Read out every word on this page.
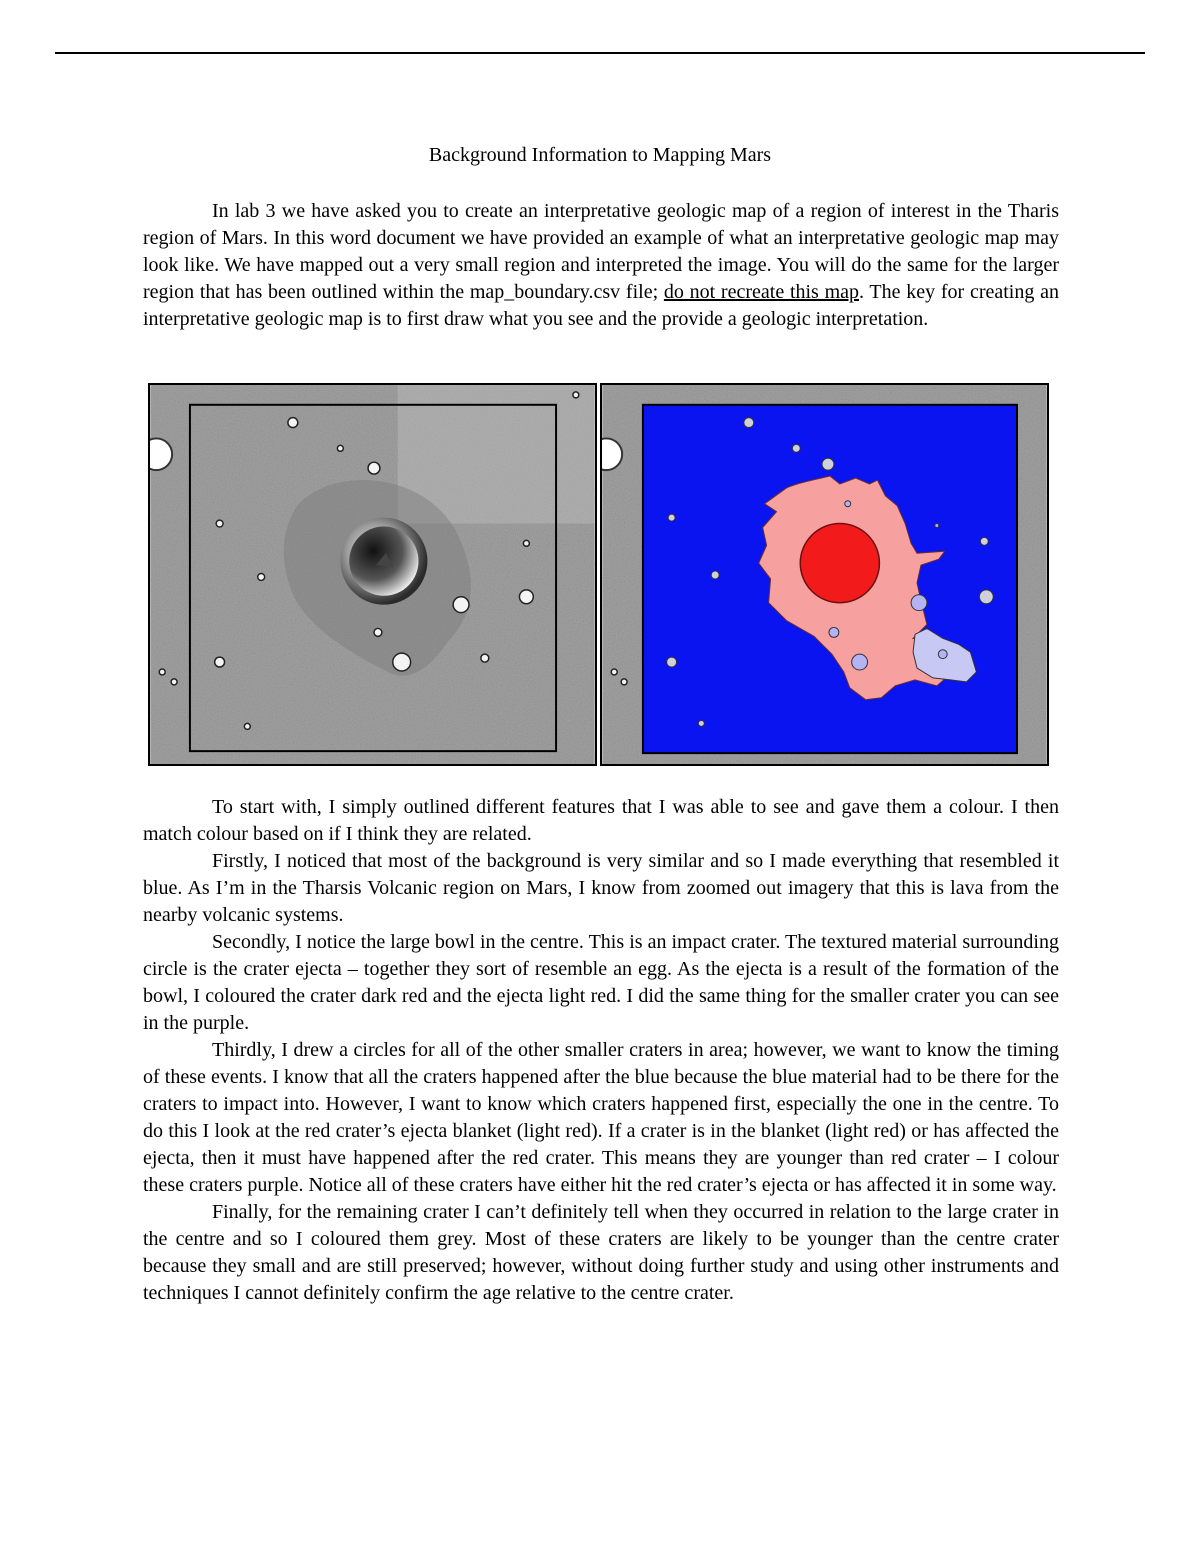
Background Information to Mapping Mars

In lab 3 we have asked you to create an interpretative geologic map of a region of interest in the Tharis region of Mars. In this word document we have provided an example of what an interpretative geologic map may look like. We have mapped out a very small region and interpreted the image. You will do the same for the larger region that has been outlined within the map_boundary.csv file; do not recreate this map. The key for creating an interpretative geologic map is to first draw what you see and the provide a geologic interpretation.

To start with, I simply outlined different features that I was able to see and gave them a colour. I then match colour based on if I think they are related.

Firstly, I noticed that most of the background is very similar and so I made everything that resembled it blue. As I’m in the Tharsis Volcanic region on Mars, I know from zoomed out imagery that this is lava from the nearby volcanic systems.

Secondly, I notice the large bowl in the centre. This is an impact crater. The textured material surrounding circle is the crater ejecta – together they sort of resemble an egg. As the ejecta is a result of the formation of the bowl, I coloured the crater dark red and the ejecta light red. I did the same thing for the smaller crater you can see in the purple.

Thirdly, I drew a circles for all of the other smaller craters in area; however, we want to know the timing of these events. I know that all the craters happened after the blue because the blue material had to be there for the craters to impact into. However, I want to know which craters happened first, especially the one in the centre. To do this I look at the red crater’s ejecta blanket (light red). If a crater is in the blanket (light red) or has affected the ejecta, then it must have happened after the red crater. This means they are younger than red crater – I colour these craters purple. Notice all of these craters have either hit the red crater’s ejecta or has affected it in some way.

Finally, for the remaining crater I can’t definitely tell when they occurred in relation to the large crater in the centre and so I coloured them grey. Most of these craters are likely to be younger than the centre crater because they small and are still preserved; however, without doing further study and using other instruments and techniques I cannot definitely confirm the age relative to the centre crater.
